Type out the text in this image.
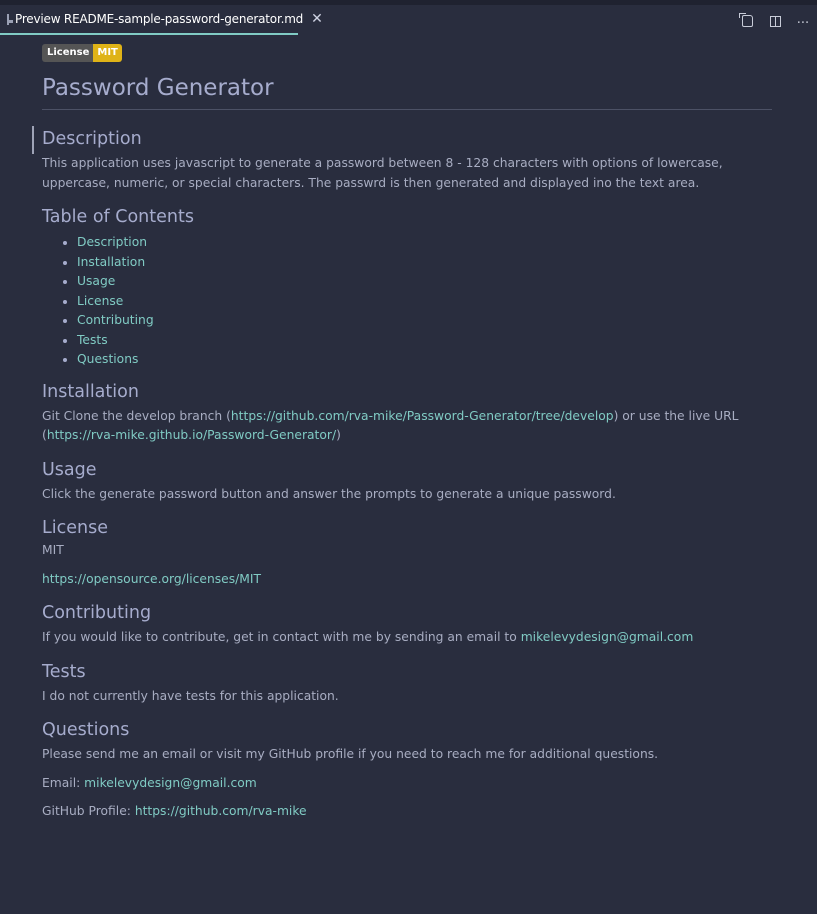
Preview README-sample-password-generator.md ✕	···
License MIT
Password Generator
Description

This application uses javascript to generate a password between 8 - 128 characters with options of lowercase, uppercase, numeric, or special characters. The passwrd is then generated and displayed ino the text area.

Table of Contents
• Description
• Installation
• Usage
• License
• Contributing
• Tests
• Questions
Installation

Git Clone the develop branch (https://github.com/rva-mike/Password-Generator/tree/develop) or use the live URL (https://rva-mike.github.io/Password-Generator/)

Usage

Click the generate password button and answer the prompts to generate a unique password.

License

MIT

https://opensource.org/licenses/MIT

Contributing

If you would like to contribute, get in contact with me by sending an email to mikelevydesign@gmail.com

Tests

I do not currently have tests for this application.

Questions

Please send me an email or visit my GitHub profile if you need to reach me for additional questions.

Email: mikelevydesign@gmail.com

GitHub Profile: https://github.com/rva-mike
